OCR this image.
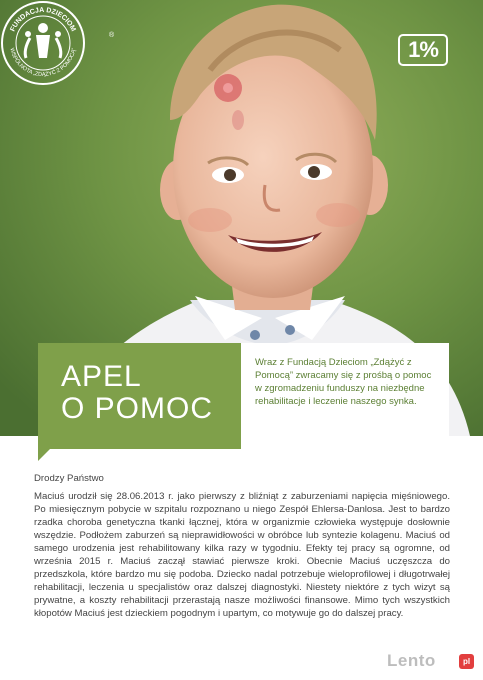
FUNDACJA DZIECIOM
WSPÓLNOTA „ZDĄŻYĆ Z POMOCĄ”
®
1%
APEL
O POMOC
Wraz z Fundacją Dzieciom „Zdążyć z Pomocą” zwracamy się z prośbą o pomoc w zgromadzeniu funduszy na niezbędne rehabilitacje i leczenie naszego synka.

Drodzy Państwo

Maciuś urodził się 28.06.2013 r. jako pierwszy z bliźniąt z zaburzeniami napięcia mięśniowego. Po miesięcznym pobycie w szpitalu rozpoznano u niego Zespół Ehlersa-Danlosa. Jest to bardzo rzadka choroba genetyczna tkanki łącznej, która w organizmie człowieka występuje dosłownie wszędzie. Podłożem zaburzeń są nieprawidłowości w obróbce lub syntezie kolagenu. Maciuś od samego urodzenia jest rehabilitowany kilka razy w tygodniu. Efekty tej pracy są ogromne, od września 2015 r. Maciuś zaczął stawiać pierwsze kroki. Obecnie Maciuś uczęszcza do przedszkola, które bardzo mu się podoba. Dziecko nadal potrzebuje wieloprofilowej i długotrwałej rehabilitacji, leczenia u specjalistów oraz dalszej diagnostyki. Niestety niektóre z tych wizyt są prywatne, a koszty rehabilitacji przerastają nasze możliwości finansowe. Mimo tych wszystkich kłopotów Maciuś jest dzieckiem pogodnym i upartym, co motywuje go do dalszej pracy.

Lento	pl
